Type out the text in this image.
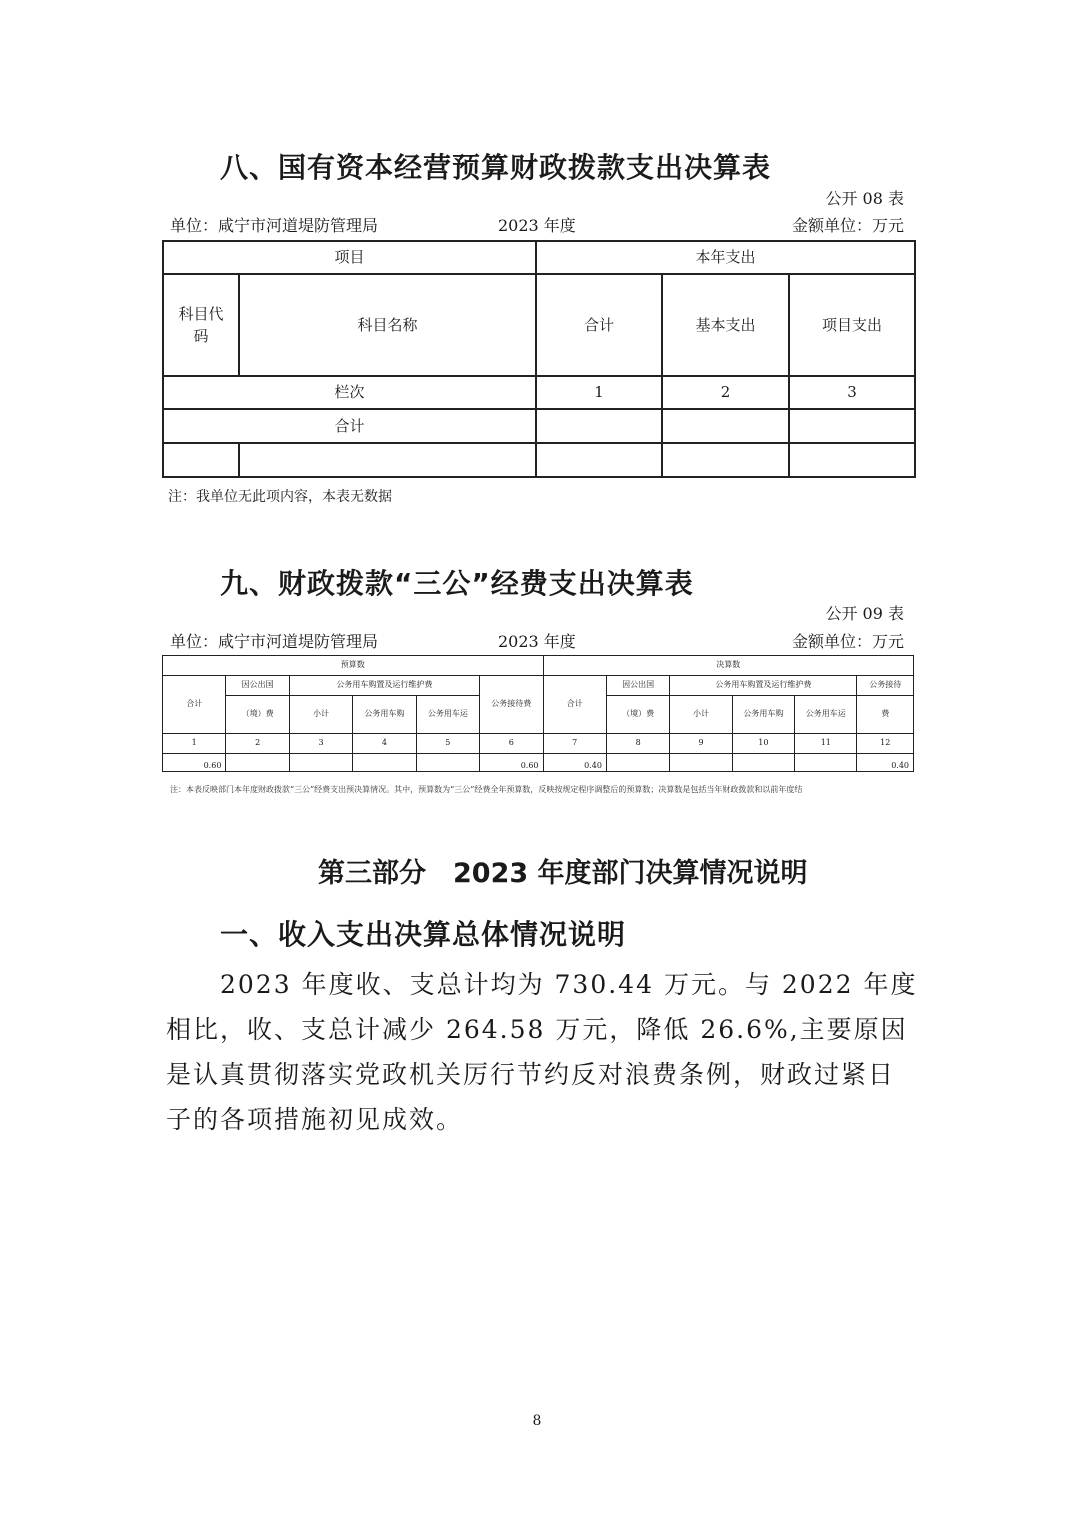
八、国有资本经营预算财政拨款支出决算表
公开 08 表
单位：咸宁市河道堤防管理局	2023 年度	金额单位：万元
项目		本年支出		
科目代码	科目名称	合计	基本支出	项目支出
栏次		1	2	3
合计				

注：我单位无此项内容，本表无数据
九、财政拨款“三公”经费支出决算表
公开 09 表
单位：咸宁市河道堤防管理局	2023 年度	金额单位：万元
预算数						决算数					
合计	因公出国	公务用车购置及运行维护费			公务接待费	合计	因公出国	公务用车购置及运行维护费			公务接待
	（境）费	小计	公务用车购	公务用车运			（境）费	小计	公务用车购	公务用车运	费
1	2	3	4	5	6	7	8	9	10	11	12
0.60					0.60	0.40					0.40
注：本表反映部门本年度财政拨款“三公”经费支出预决算情况。其中，预算数为“三公”经费全年预算数，反映按规定程序调整后的预算数；决算数是包括当年财政拨款和以前年度结
第三部分　2023 年度部门决算情况说明
一、收入支出决算总体情况说明
2023 年度收、支总计均为 730.44 万元。与 2022 年度相比，收、支总计减少 264.58 万元，降低 26.6%,主要原因是认真贯彻落实党政机关厉行节约反对浪费条例，财政过紧日子的各项措施初见成效。
8
